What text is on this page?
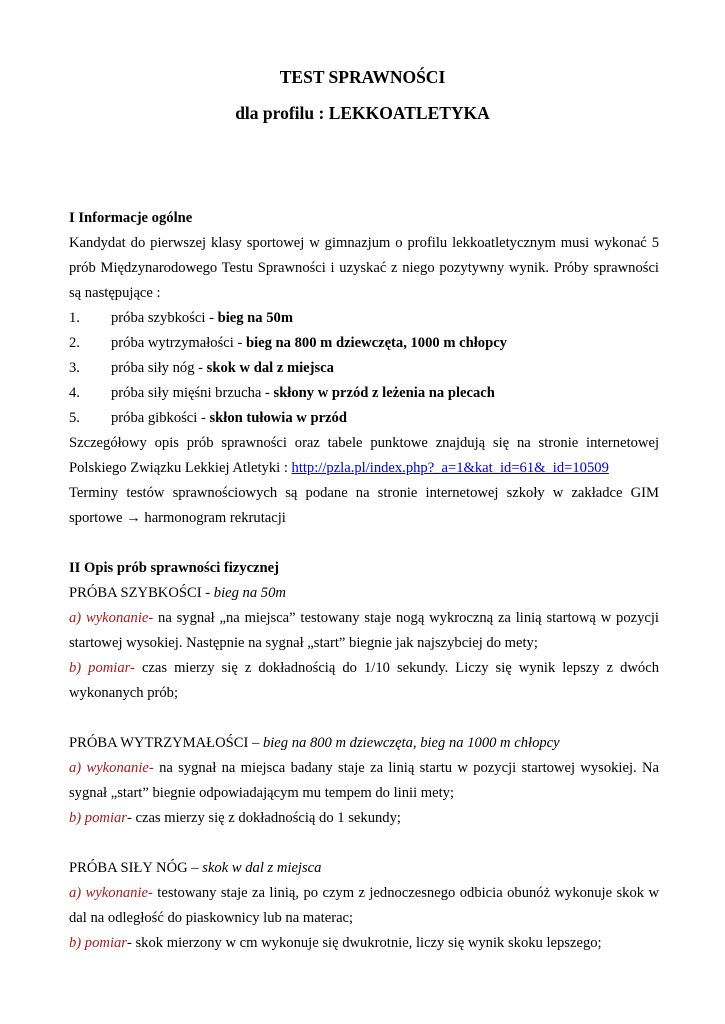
TEST SPRAWNOŚCI
dla profilu : LEKKOATLETYKA
I Informacje ogólne
Kandydat do pierwszej klasy sportowej w gimnazjum o profilu lekkoatletycznym musi wykonać 5
prób Międzynarodowego Testu Sprawności i uzyskać z niego pozytywny wynik. Próby sprawności
są następujące :
1. próba szybkości - bieg na 50m
2. próba wytrzymałości - bieg na 800 m dziewczęta, 1000 m chłopcy
3. próba siły nóg - skok w dal z miejsca
4. próba siły mięśni brzucha - skłony w przód z leżenia na plecach
5. próba gibkości - skłon tułowia w przód
Szczegółowy opis prób sprawności oraz tabele punktowe znajdują się na stronie internetowej
Polskiego Związku Lekkiej Atletyki : http://pzla.pl/index.php?_a=1&kat_id=61&_id=10509
Terminy testów sprawnościowych są podane na stronie internetowej szkoły w zakładce GIM
sportowe → harmonogram rekrutacji
II Opis prób sprawności fizycznej
PRÓBA SZYBKOŚCI - bieg na 50m
a) wykonanie- na sygnał „na miejsca” testowany staje nogą wykroczną za linią startową w pozycji
startowej wysokiej. Następnie na sygnał „start” biegnie jak najszybciej do mety;
b) pomiar- czas mierzy się z dokładnością do 1/10 sekundy. Liczy się wynik lepszy z dwóch
wykonanych prób;
PRÓBA WYTRZYMAŁOŚCI – bieg na 800 m dziewczęta, bieg na 1000 m chłopcy
a) wykonanie- na sygnał na miejsca badany staje za linią startu w pozycji startowej wysokiej. Na
sygnał „start” biegnie odpowiadającym mu tempem do linii mety;
b) pomiar- czas mierzy się z dokładnością do 1 sekundy;
PRÓBA SIŁY NÓG – skok w dal z miejsca
a) wykonanie- testowany staje za linią, po czym z jednoczesnego odbicia obunóż wykonuje skok w
dal na odległość do piaskownicy lub na materac;
b) pomiar- skok mierzony w cm wykonuje się dwukrotnie, liczy się wynik skoku lepszego;
